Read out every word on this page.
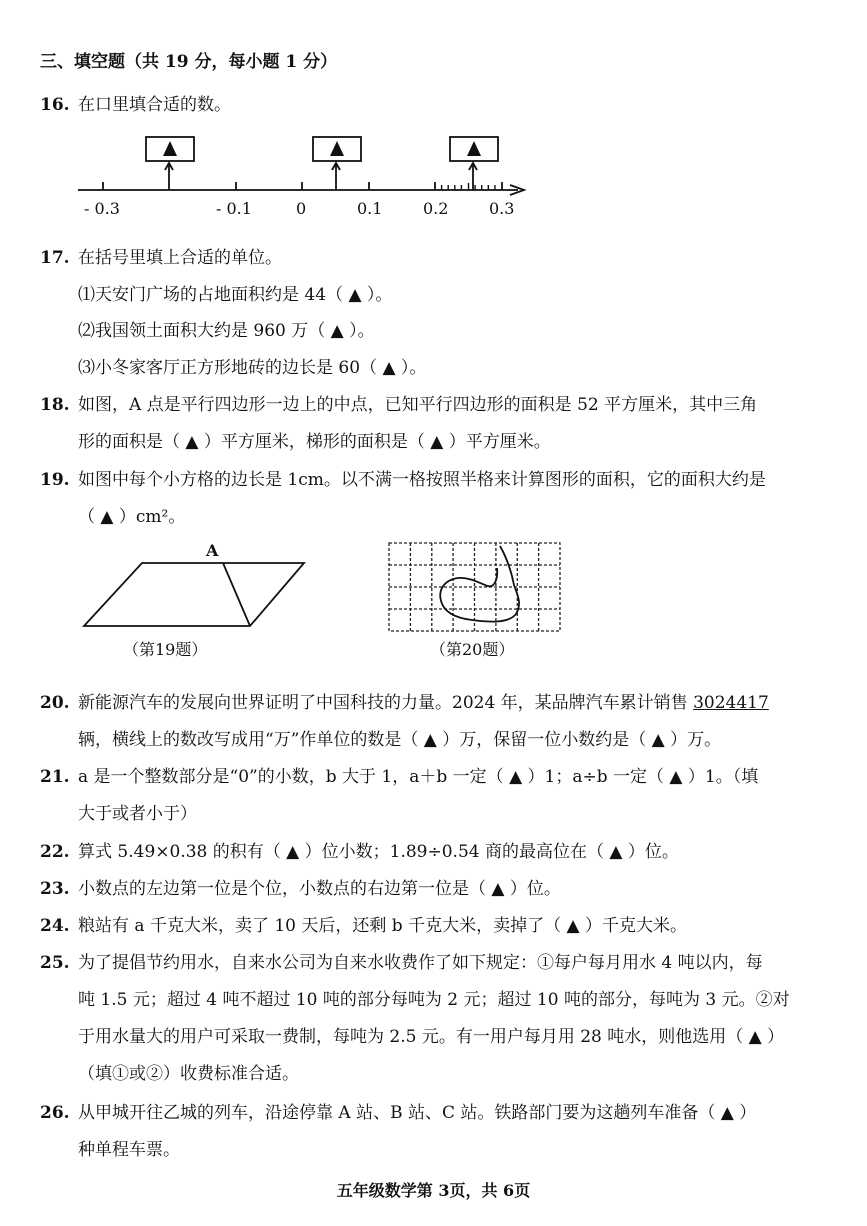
三、填空题（共 19 分，每小题 1 分）
16. 在口里填合适的数。
- 0.3	- 0.1	0	0.1	0.2	0.3
17. 在括号里填上合适的单位。
⑴天安门广场的占地面积约是 44（ ▲ ）。
⑵我国领土面积大约是 960 万（ ▲ ）。
⑶小冬家客厅正方形地砖的边长是 60（ ▲ ）。
18. 如图，A 点是平行四边形一边上的中点，已知平行四边形的面积是 52 平方厘米，其中三角
形的面积是（ ▲ ）平方厘米，梯形的面积是（ ▲ ）平方厘米。
19. 如图中每个小方格的边长是 1cm。以不满一格按照半格来计算图形的面积，它的面积大约是
（ ▲ ）cm²。
A
（第19题）	（第20题）
20. 新能源汽车的发展向世界证明了中国科技的力量。2024 年，某品牌汽车累计销售 3024417
辆，横线上的数改写成用“万”作单位的数是（ ▲ ）万，保留一位小数约是（ ▲ ）万。
21. a 是一个整数部分是“0”的小数，b 大于 1，a＋b 一定（ ▲ ）1；a÷b 一定（ ▲ ）1。（填
大于或者小于）
22. 算式 5.49×0.38 的积有（ ▲ ）位小数；1.89÷0.54 商的最高位在（ ▲ ）位。
23. 小数点的左边第一位是个位，小数点的右边第一位是（ ▲ ）位。
24. 粮站有 a 千克大米，卖了 10 天后，还剩 b 千克大米，卖掉了（ ▲ ）千克大米。
25. 为了提倡节约用水，自来水公司为自来水收费作了如下规定：①每户每月用水 4 吨以内，每
吨 1.5 元；超过 4 吨不超过 10 吨的部分每吨为 2 元；超过 10 吨的部分，每吨为 3 元。②对
于用水量大的用户可采取一费制，每吨为 2.5 元。有一用户每月用 28 吨水，则他选用（ ▲ ）
（填①或②）收费标准合适。
26. 从甲城开往乙城的列车，沿途停靠 A 站、B 站、C 站。铁路部门要为这趟列车准备（ ▲ ）
种单程车票。
五年级数学第 3页，共 6页
